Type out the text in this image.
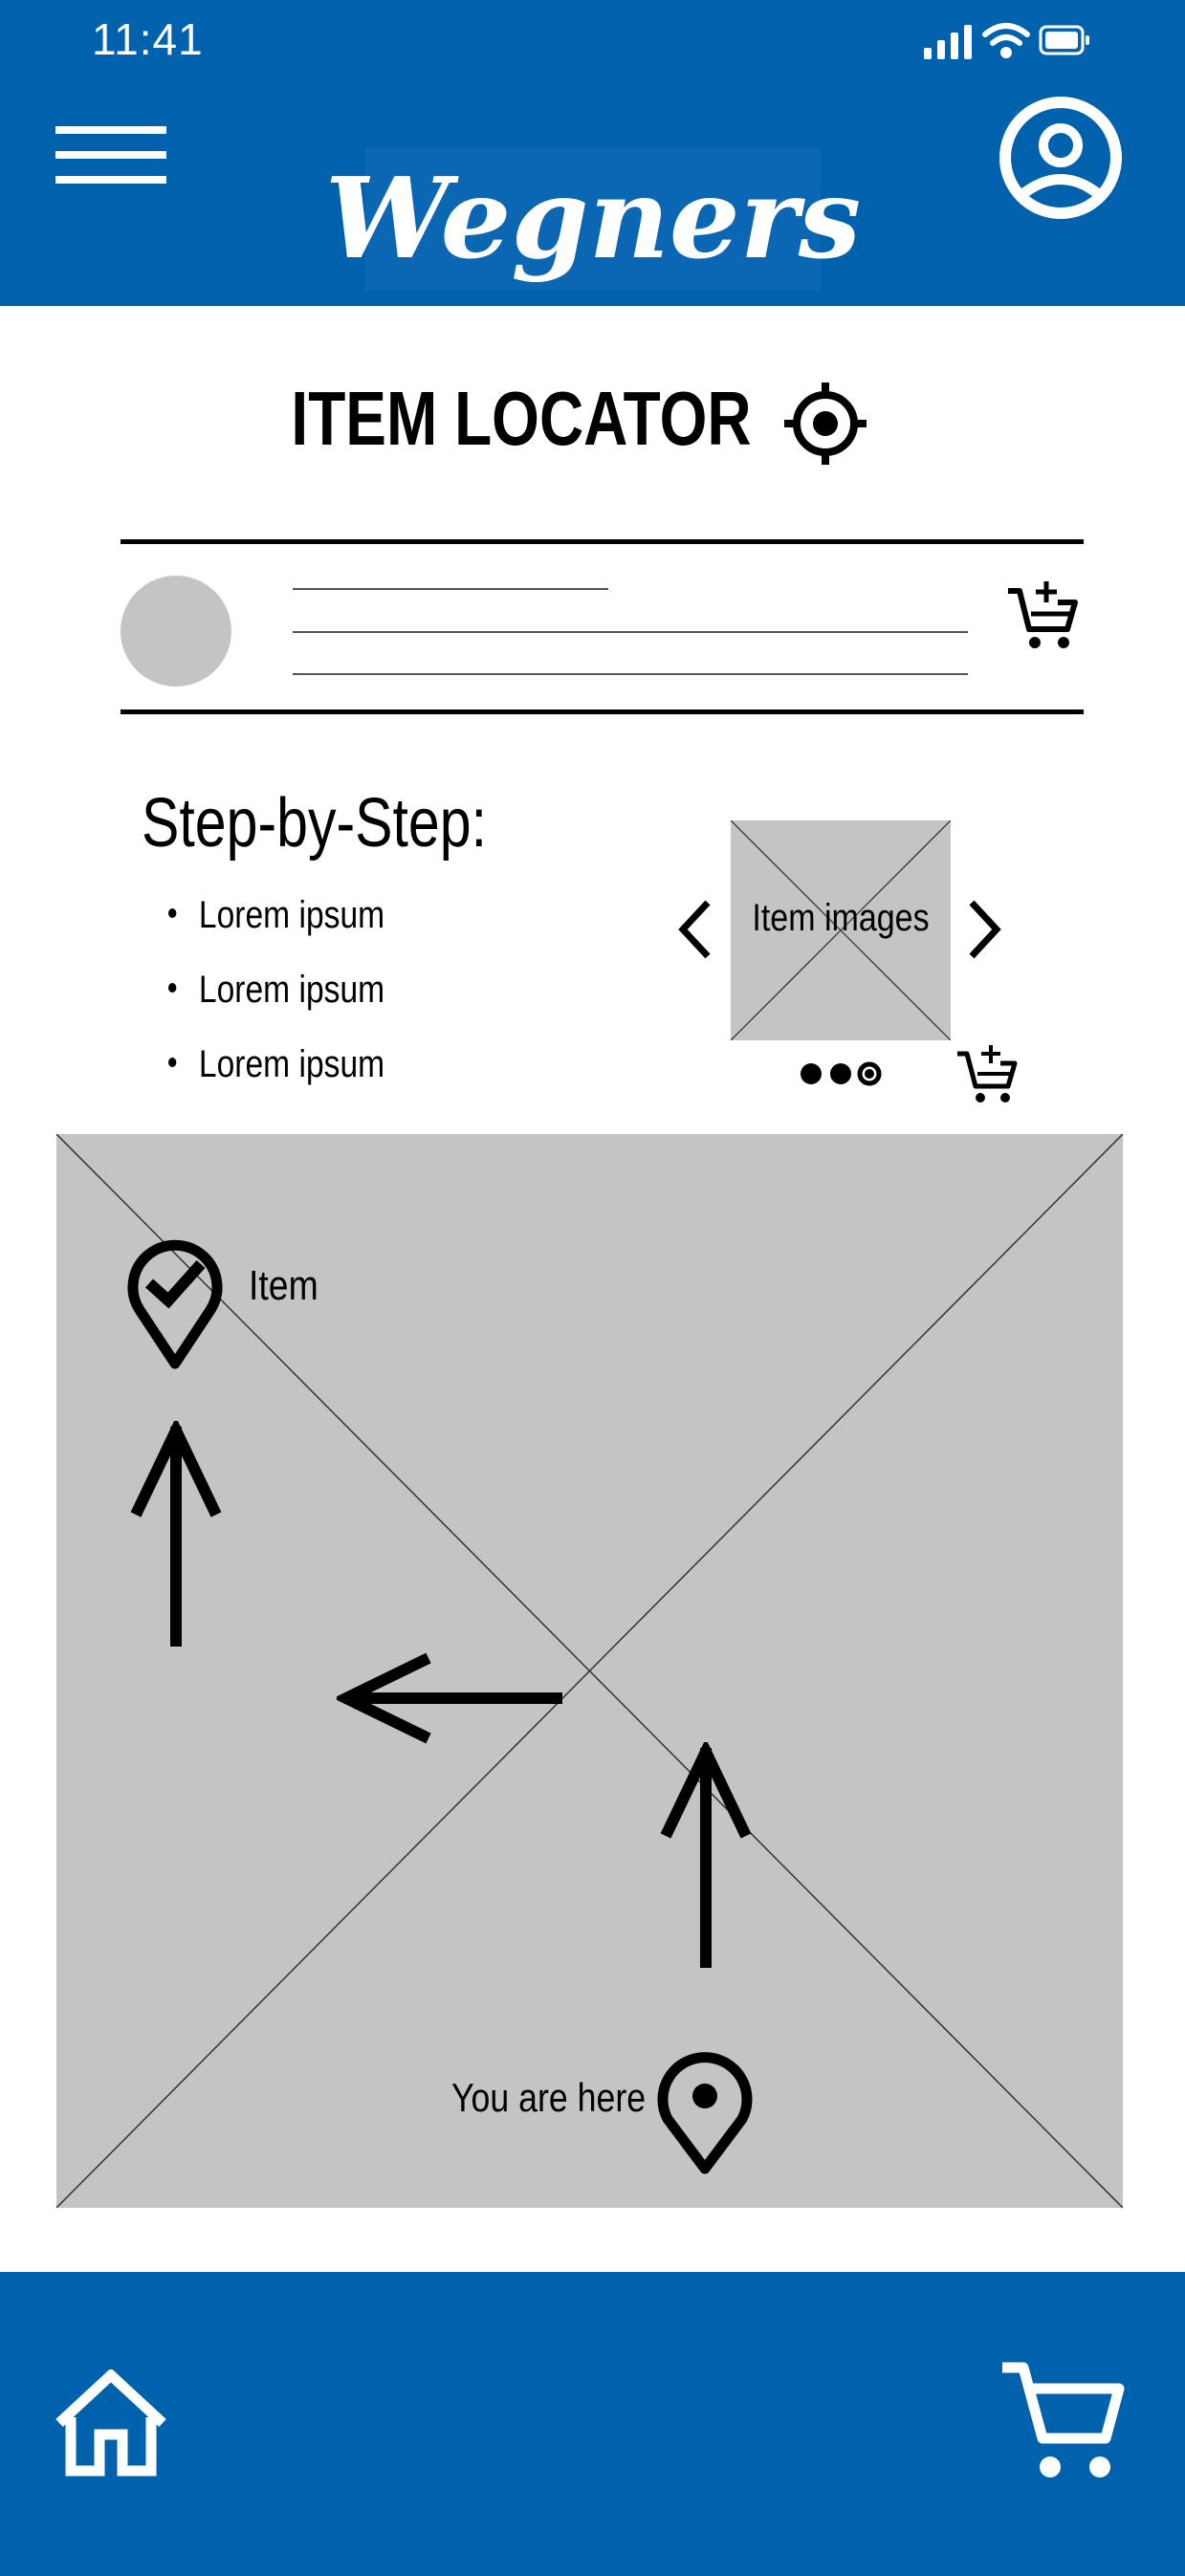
11:41
Wegners
ITEM LOCATOR
Step-by-Step:
Lorem ipsum
Lorem ipsum
Lorem ipsum
Item images
Item
You are here
